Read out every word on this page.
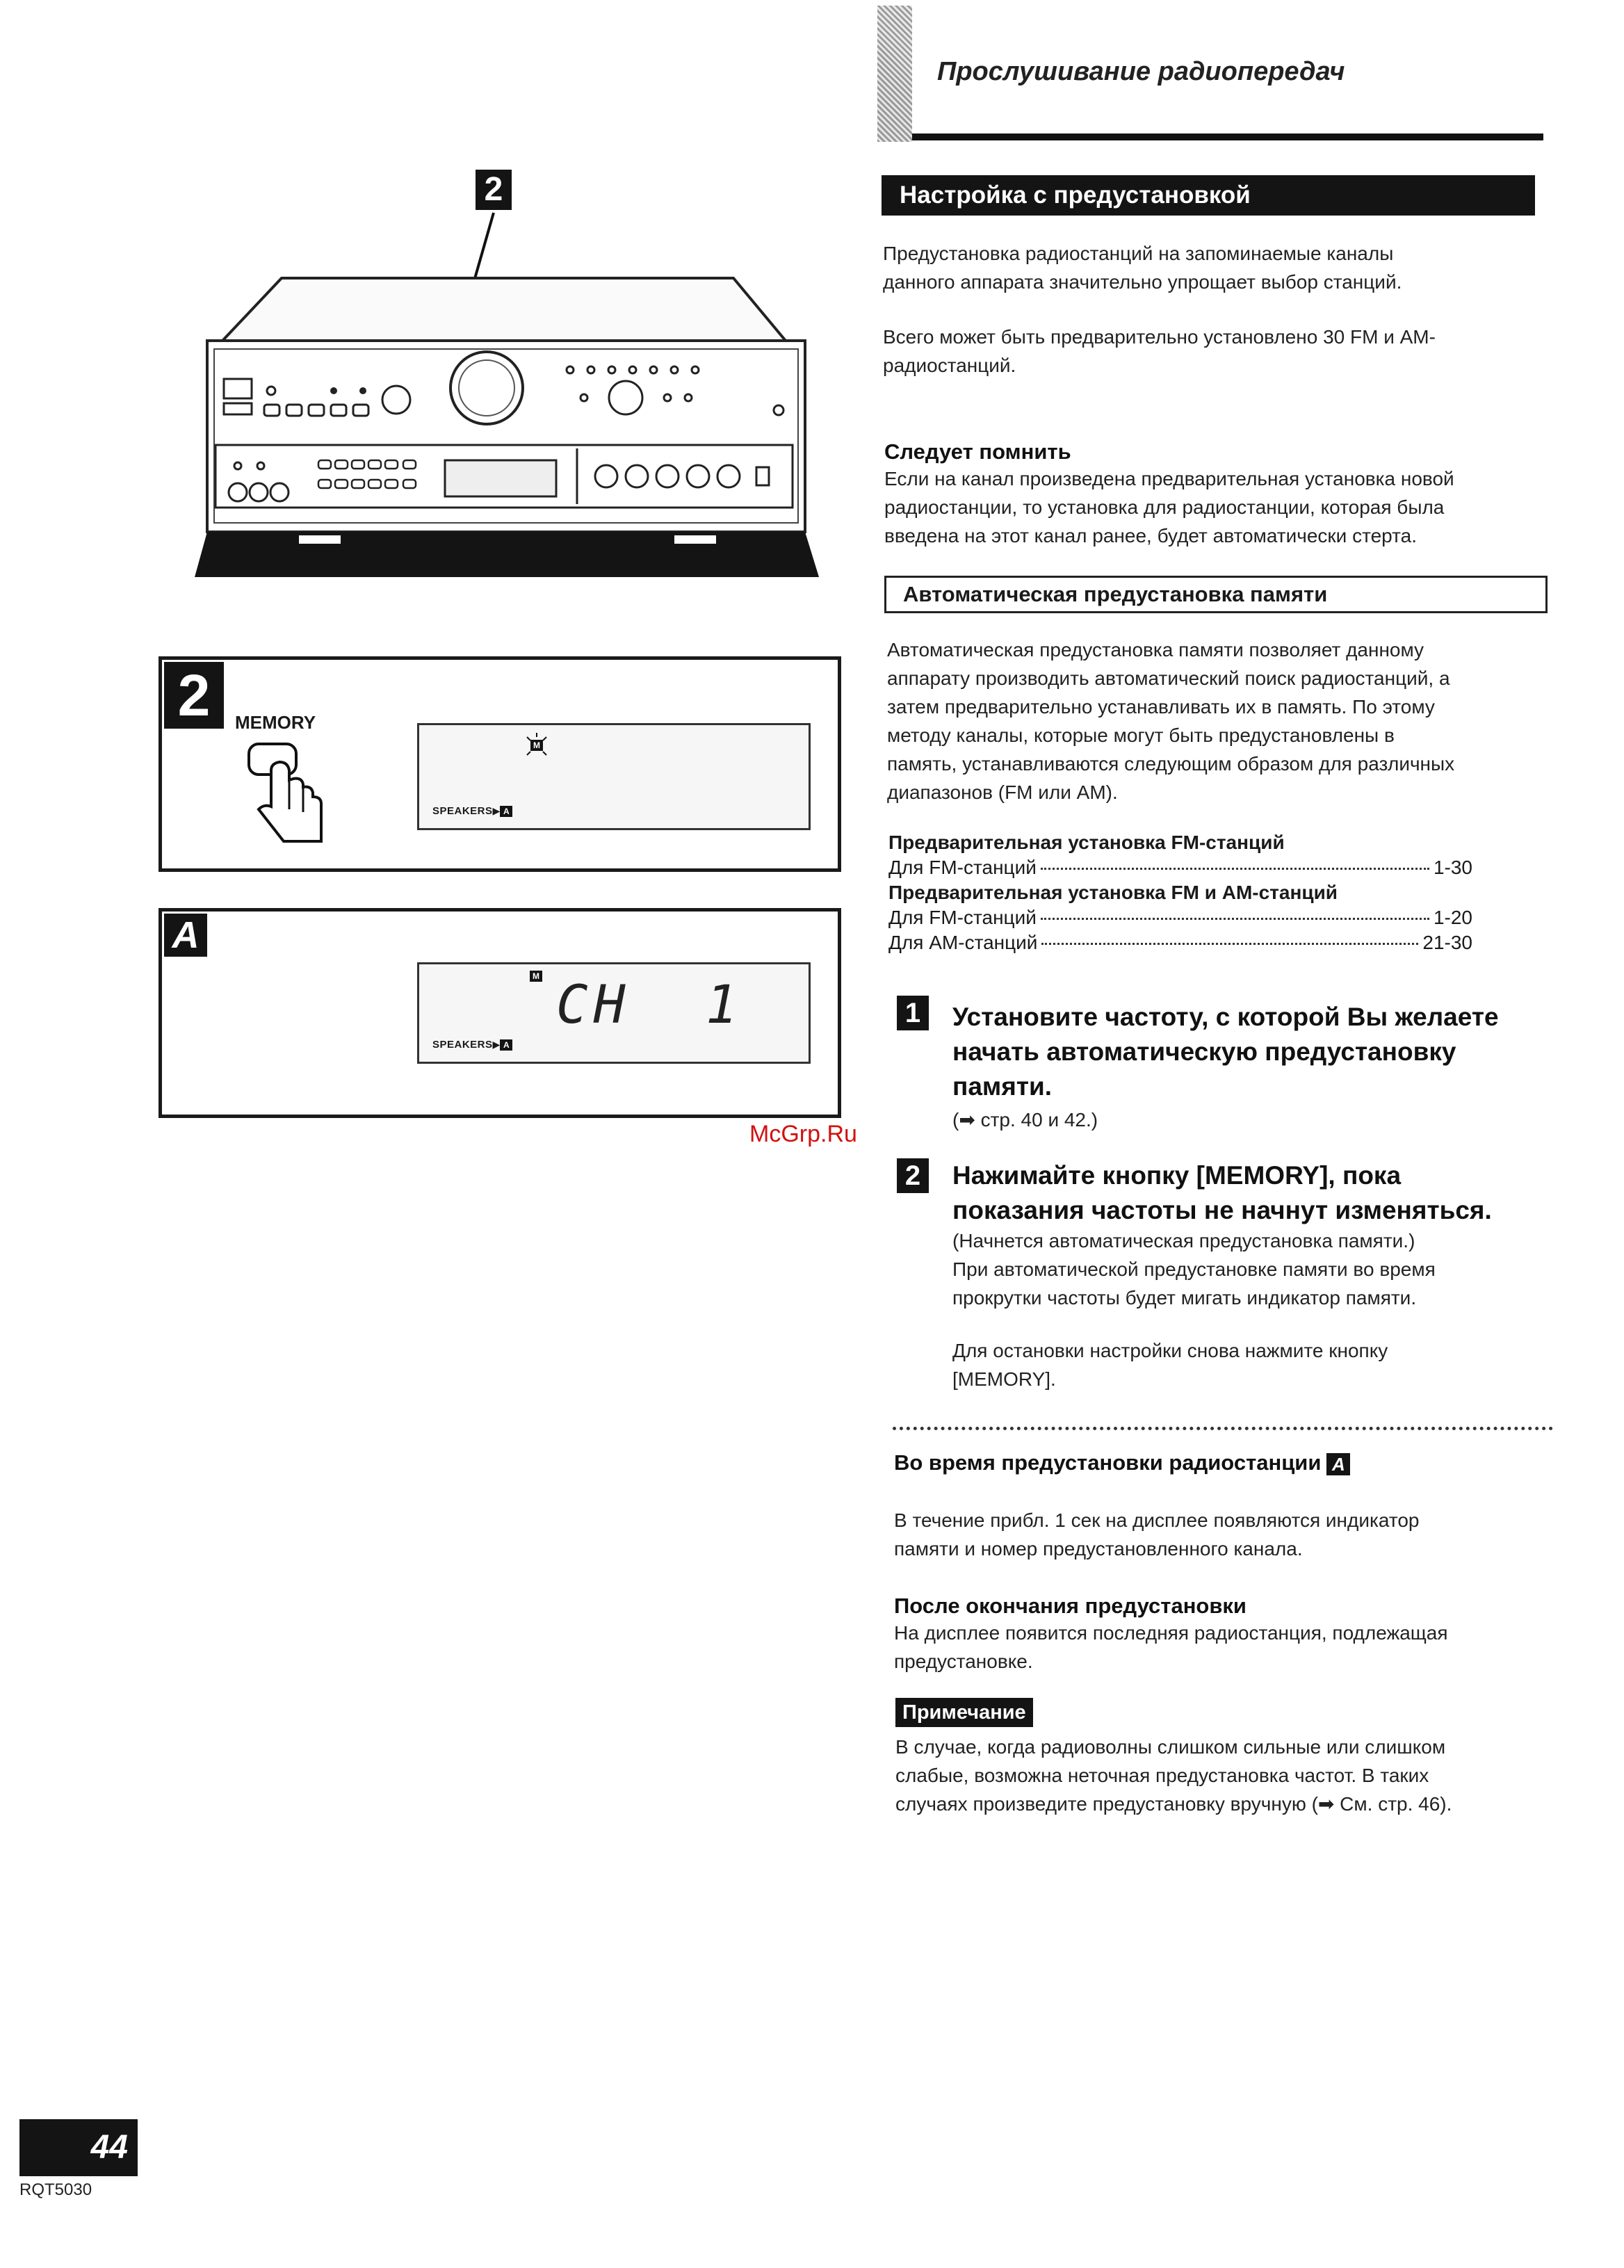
Прослушивание радиопередач
2
2	MEMORY
M
SPEAKERS▶ A
A
M CH  1
SPEAKERS▶ A
Настройка с предустановкой
Предустановка радиостанций на запоминаемые каналы
данного аппарата значительно упрощает выбор станций.
Всего может быть предварительно установлено 30 FM и AM-
радиостанций.
Следует помнить
Если на канал произведена предварительная установка новой
радиостанции, то установка для радиостанции, которая была
введена на этот канал ранее, будет автоматически стерта.
Автоматическая предустановка памяти
Автоматическая предустановка памяти позволяет данному
аппарату производить автоматический поиск радиостанций, а
затем предварительно устанавливать их в память. По этому
методу каналы, которые могут быть предустановлены в
память, устанавливаются следующим образом для различных
диапазонов (FM или AM).
Предварительная установка FM-станций
Для FM-станций	1-30
Предварительная установка FM и AM-станций
Для FM-станций	1-20
Для AM-станций	21-30
1	Установите частоту, с которой Вы желаете
начать автоматическую предустановку
памяти.
(➡ стр. 40 и 42.)
2	Нажимайте кнопку [MEMORY], пока
показания частоты не начнут изменяться.
(Начнется автоматическая предустановка памяти.)
При автоматической предустановке памяти во время
прокрутки частоты будет мигать индикатор памяти.
Для остановки настройки снова нажмите кнопку
[MEMORY].
Во время предустановки радиостанции A
В течение прибл. 1 сек на дисплее появляются индикатор
памяти и номер предустановленного канала.
После окончания предустановки
На дисплее появится последняя радиостанция, подлежащая
предустановке.
Примечание
В случае, когда радиоволны слишком сильные или слишком
слабые, возможна неточная предустановка частот. В таких
случаях произведите предустановку вручную (➡ См. стр. 46).
McGrp.Ru
44
RQT5030
